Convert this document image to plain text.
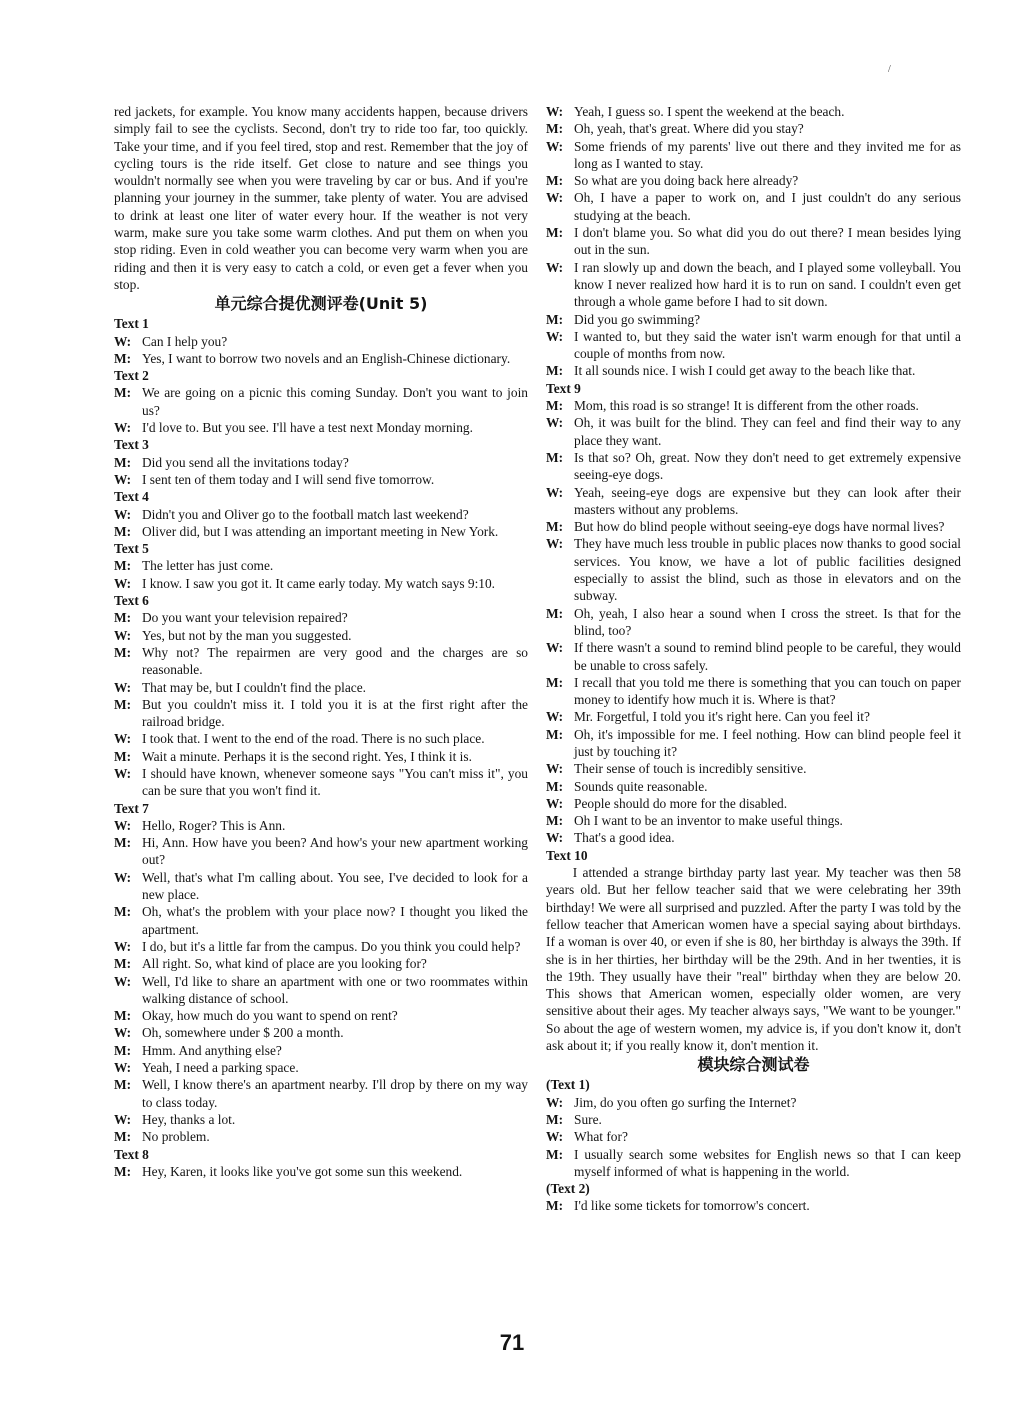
red jackets, for example. You know many accidents happen, because drivers simply fail to see the cyclists. Second, don't try to ride too far, too quickly. Take your time, and if you feel tired, stop and rest. Remember that the joy of cycling tours is the ride itself. Get close to nature and see things you wouldn't normally see when you were traveling by car or bus. And if you're planning your journey in the summer, take plenty of water. You are advised to drink at least one liter of water every hour. If the weather is not very warm, make sure you take some warm clothes. And put them on when you stop riding. Even in cold weather you can become very warm when you are riding and then it is very easy to catch a cold, or even get a fever when you stop.

单元综合提优测评卷(Unit 5)

Text 1

W: Can I help you?
M: Yes, I want to borrow two novels and an English-Chinese dictionary.

Text 2

M: We are going on a picnic this coming Sunday. Don't you want to join us?
W: I'd love to. But you see. I'll have a test next Monday morning.

Text 3

M: Did you send all the invitations today?
W: I sent ten of them today and I will send five tomorrow.

Text 4

W: Didn't you and Oliver go to the football match last weekend?
M: Oliver did, but I was attending an important meeting in New York.

Text 5

M: The letter has just come.
W: I know. I saw you got it. It came early today. My watch says 9:10.

Text 6

M: Do you want your television repaired?
W: Yes, but not by the man you suggested.
M: Why not? The repairmen are very good and the charges are so reasonable.
W: That may be, but I couldn't find the place.
M: But you couldn't miss it. I told you it is at the first right after the railroad bridge.
W: I took that. I went to the end of the road. There is no such place.
M: Wait a minute. Perhaps it is the second right. Yes, I think it is.
W: I should have known, whenever someone says "You can't miss it", you can be sure that you won't find it.

Text 7

W: Hello, Roger? This is Ann.
M: Hi, Ann. How have you been? And how's your new apartment working out?
W: Well, that's what I'm calling about. You see, I've decided to look for a new place.
M: Oh, what's the problem with your place now? I thought you liked the apartment.
W: I do, but it's a little far from the campus. Do you think you could help?
M: All right. So, what kind of place are you looking for?
W: Well, I'd like to share an apartment with one or two roommates within walking distance of school.
M: Okay, how much do you want to spend on rent?
W: Oh, somewhere under $ 200 a month.
M: Hmm. And anything else?
W: Yeah, I need a parking space.
M: Well, I know there's an apartment nearby. I'll drop by there on my way to class today.
W: Hey, thanks a lot.
M: No problem.

Text 8

M: Hey, Karen, it looks like you've got some sun this weekend.
W: Yeah, I guess so. I spent the weekend at the beach.
M: Oh, yeah, that's great. Where did you stay?
W: Some friends of my parents' live out there and they invited me for as long as I wanted to stay.
M: So what are you doing back here already?
W: Oh, I have a paper to work on, and I just couldn't do any serious studying at the beach.
M: I don't blame you. So what did you do out there? I mean besides lying out in the sun.
W: I ran slowly up and down the beach, and I played some volleyball. You know I never realized how hard it is to run on sand. I couldn't even get through a whole game before I had to sit down.
M: Did you go swimming?
W: I wanted to, but they said the water isn't warm enough for that until a couple of months from now.
M: It all sounds nice. I wish I could get away to the beach like that.

Text 9

M: Mom, this road is so strange! It is different from the other roads.
W: Oh, it was built for the blind. They can feel and find their way to any place they want.
M: Is that so? Oh, great. Now they don't need to get extremely expensive seeing-eye dogs.
W: Yeah, seeing-eye dogs are expensive but they can look after their masters without any problems.
M: But how do blind people without seeing-eye dogs have normal lives?
W: They have much less trouble in public places now thanks to good social services. You know, we have a lot of public facilities designed especially to assist the blind, such as those in elevators and on the subway.
M: Oh, yeah, I also hear a sound when I cross the street. Is that for the blind, too?
W: If there wasn't a sound to remind blind people to be careful, they would be unable to cross safely.
M: I recall that you told me there is something that you can touch on paper money to identify how much it is. Where is that?
W: Mr. Forgetful, I told you it's right here. Can you feel it?
M: Oh, it's impossible for me. I feel nothing. How can blind people feel it just by touching it?
W: Their sense of touch is incredibly sensitive.
M: Sounds quite reasonable.
W: People should do more for the disabled.
M: Oh I want to be an inventor to make useful things.
W: That's a good idea.

Text 10

I attended a strange birthday party last year. My teacher was then 58 years old. But her fellow teacher said that we were celebrating her 39th birthday! We were all surprised and puzzled. After the party I was told by the fellow teacher that American women have a special saying about birthdays. If a woman is over 40, or even if she is 80, her birthday is always the 39th. If she is in her thirties, her birthday will be the 29th. And in her twenties, it is the 19th. They usually have their "real" birthday when they are below 20. This shows that American women, especially older women, are very sensitive about their ages. My teacher always says, "We want to be younger." So about the age of western women, my advice is, if you don't know it, don't ask about it; if you really know it, don't mention it.

模块综合测试卷

(Text 1)

W: Jim, do you often go surfing the Internet?
M: Sure.
W: What for?
M: I usually search some websites for English news so that I can keep myself informed of what is happening in the world.

(Text 2)

M: I'd like some tickets for tomorrow's concert.
71
/
